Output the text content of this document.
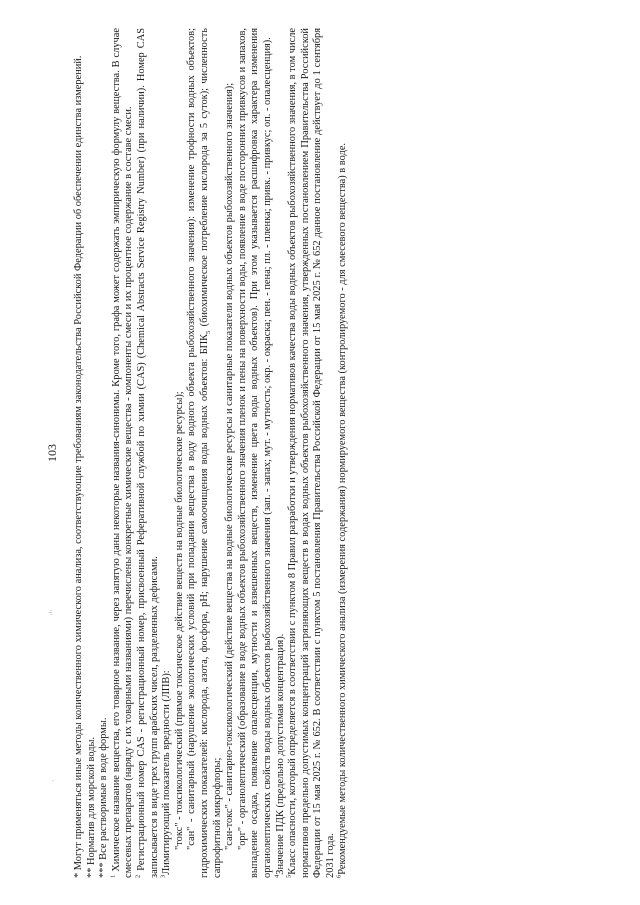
103
·ⁱ·
· * Могут применяться иные методы количественного химического анализа, соответствующие требованиям законодательства Российской Федерации об обеспечении единства измерений. ** Норматив для морской воды. *** Все растворимые в воде формы. $^1$ Химическое название вещества, его товарное название, через запятую даны некоторые названия-синонимы. Кроме того, графа может содержать эмпирическую формулу вещества. В случае смесевых препаратов (наряду с их товарными названиями) перечислены конкретные химические вещества - компоненты смеси и их процентное содержание в составе смеси. $^2$ Регистрационный номер CAS - регистрационный номер, присвоенный Реферативной службой по химии (CAS) (Chemical Abstracts Service Registry Number) (при наличии). Номер CAS записывается в виде трех групп арабских чисел, разделенных дефисами. $^3$Лимитирующий показатель вредности (ЛПВ): "токс" - токсикологический (прямое токсическое действие веществ на водные биологические ресурсы); "сан" - санитарный (нарушение экологических условий при попадании вещества в воду водного объекта рыбохозяйственного значения): изменение трофности водных объектов; гидрохимических показателей: кислорода, азота, фосфора, pH; нарушение самоочищения воды водных объектов: $БПК_5$ (биохимическое потребление кислорода за 5 суток); численность сапрофитной микрофлоры; "сан-токс" - санитарно-токсикологический (действие вещества на водные биологические ресурсы и санитарные показатели водных объектов рыбохозяйственного значения); "орг" - органолептический (образование в воде водных объектов рыбохозяйственного значения пленок и пены на поверхности воды, появление в воде посторонних привкусов и запахов, выпадение осадка, появление опалесценции, мутности и взвешенных веществ, изменение цвета воды водных объектов). При этом указывается расшифровка характера изменения органолептических свойств воды водных объектов рыбохозяйственного значения (зап. - запах; мут. - мутность; окр. - окраска; пен. - пена; пл. - пленка; привк. - привкус; оп. - опалесценция). $^4$Значение ПДК (предельно допустимая концентрация).

$^5$Класс опасности, который определяется в соответствии с пунктом 8 Правил разработки и утверждения нормативов качества воды водных объектов рыбохозяйственного значения, в том числе нормативов предельно допустимых концентраций загрязняющих веществ в водах водных объектов рыбохозяйственного значения, утвержденных постановлением Правительства Российской Федерации от 15 мая 2025 г. № 652. В соответствии с пунктом 5 постановления Правительства Российской Федерации от 15 мая 2025 г. № 652 данное постановление действует до 1 сентября 2031 года. $^6$Рекомендуемые методы количественного химического анализа (измерения содержания) нормируемого вещества (контролируемого - для смесевого вещества) в воде.
